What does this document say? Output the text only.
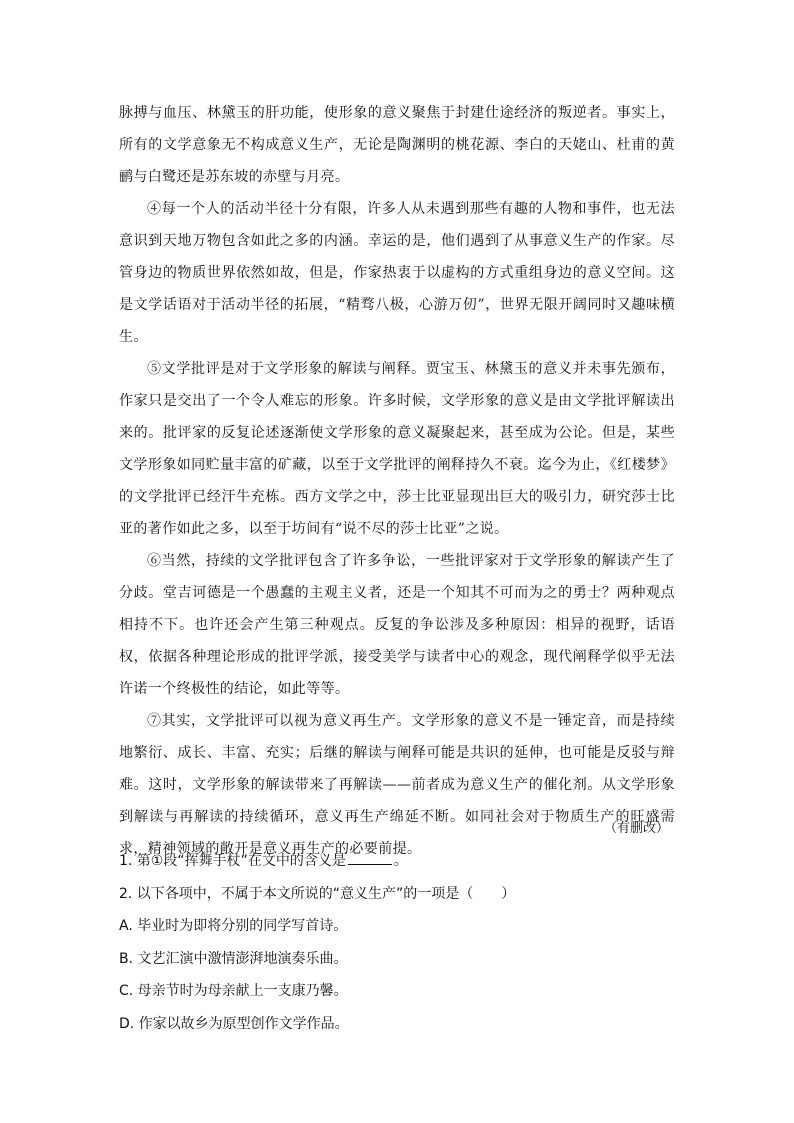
脉搏与血压、林黛玉的肝功能，使形象的意义聚焦于封建仕途经济的叛逆者。事实上，所有的文学意象无不构成意义生产，无论是陶渊明的桃花源、李白的天姥山、杜甫的黄鹂与白鹭还是苏东坡的赤壁与月亮。

④每一个人的活动半径十分有限，许多人从未遇到那些有趣的人物和事件，也无法意识到天地万物包含如此之多的内涵。幸运的是，他们遇到了从事意义生产的作家。尽管身边的物质世界依然如故，但是，作家热衷于以虚构的方式重组身边的意义空间。这是文学话语对于活动半径的拓展，“精骛八极，心游万仞”，世界无限开阔同时又趣味横生。

⑤文学批评是对于文学形象的解读与阐释。贾宝玉、林黛玉的意义并未事先颁布，作家只是交出了一个令人难忘的形象。许多时候，文学形象的意义是由文学批评解读出来的。批评家的反复论述逐渐使文学形象的意义凝聚起来，甚至成为公论。但是，某些文学形象如同贮量丰富的矿藏，以至于文学批评的阐释持久不衰。迄今为止，《红楼梦》的文学批评已经汗牛充栋。西方文学之中，莎士比亚显现出巨大的吸引力，研究莎士比亚的著作如此之多，以至于坊间有“说不尽的莎士比亚”之说。

⑥当然，持续的文学批评包含了许多争讼，一些批评家对于文学形象的解读产生了分歧。堂吉诃德是一个愚蠢的主观主义者，还是一个知其不可而为之的勇士？两种观点相持不下。也许还会产生第三种观点。反复的争讼涉及多种原因：相异的视野，话语权，依据各种理论形成的批评学派，接受美学与读者中心的观念，现代阐释学似乎无法许诺一个终极性的结论，如此等等。

⑦其实，文学批评可以视为意义再生产。文学形象的意义不是一锤定音，而是持续地繁衍、成长、丰富、充实；后继的解读与阐释可能是共识的延伸，也可能是反驳与辩难。这时，文学形象的解读带来了再解读——前者成为意义生产的催化剂。从文学形象到解读与再解读的持续循环，意义再生产绵延不断。如同社会对于物质生产的旺盛需求，精神领域的敞开是意义再生产的必要前提。

（有删改）

1. 第①段“挥舞手杖”在文中的含义是	。

2. 以下各项中，不属于本文所说的“意义生产”的一项是（　　）

A. 毕业时为即将分别的同学写首诗。

B. 文艺汇演中激情澎湃地演奏乐曲。

C. 母亲节时为母亲献上一支康乃馨。

D. 作家以故乡为原型创作文学作品。
